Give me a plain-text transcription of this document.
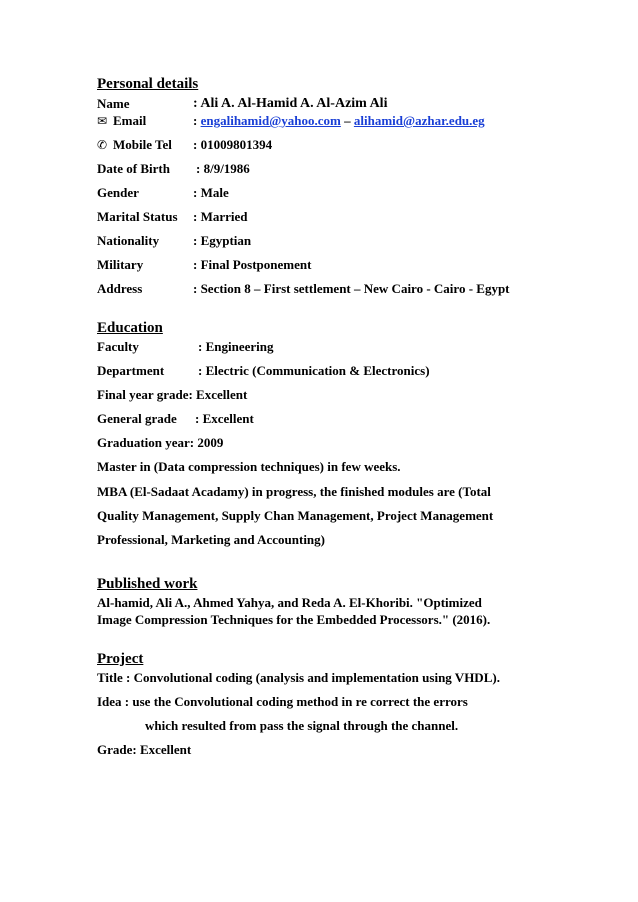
Personal details
Name	: Ali A. Al-Hamid A. Al-Azim Ali
✉ Email	: engalihamid@yahoo.com – alihamid@azhar.edu.eg
✆ Mobile Tel : 01009801394
Date of Birth : 8/9/1986
Gender	: Male
Marital Status : Married
Nationality	: Egyptian
Military	: Final Postponement
Address	: Section 8 – First settlement – New Cairo - Cairo - Egypt
Education
Faculty	: Engineering
Department	: Electric (Communication & Electronics)
Final year grade: Excellent
General grade : Excellent
Graduation year: 2009
Master in (Data compression techniques) in few weeks.
MBA (El-Sadaat Acadamy) in progress, the finished modules are (Total
Quality Management, Supply Chan Management, Project Management
Professional, Marketing and Accounting)
Published work
Al-hamid, Ali A., Ahmed Yahya, and Reda A. El-Khoribi. "Optimized
Image Compression Techniques for the Embedded Processors." (2016).
Project
Title : Convolutional coding (analysis and implementation using VHDL).
Idea : use the Convolutional coding method in re correct the errors
which resulted from pass the signal through the channel.
Grade: Excellent
